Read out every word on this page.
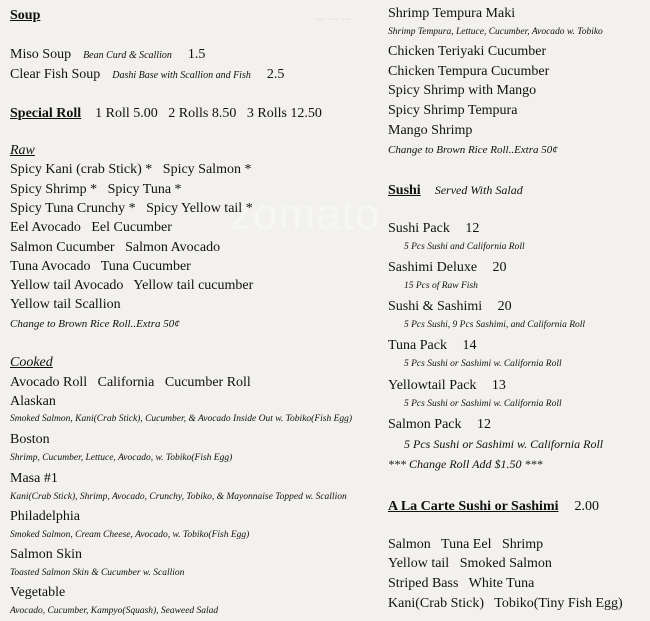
... ... ...
zomato
Soup
Miso Soup Bean Curd & Scallion 1.5
Clear Fish Soup Dashi Base with Scallion and Fish 2.5
Special Roll 1 Roll 5.00   2 Rolls 8.50   3 Rolls 12.50
Raw
Spicy Kani (crab Stick) *   Spicy Salmon *
Spicy Shrimp *   Spicy Tuna *
Spicy Tuna Crunchy *   Spicy Yellow tail *
Eel Avocado   Eel Cucumber
Salmon Cucumber   Salmon Avocado
Tuna Avocado   Tuna Cucumber
Yellow tail Avocado   Yellow tail cucumber
Yellow tail Scallion
Change to Brown Rice Roll..Extra 50¢
Cooked
Avocado Roll   California   Cucumber Roll
Alaskan
Smoked Salmon, Kani(Crab Stick), Cucumber, & Avocado Inside Out w. Tobiko(Fish Egg)
Boston
Shrimp, Cucumber, Lettuce, Avocado, w. Tobiko(Fish Egg)
Masa #1
Kani(Crab Stick), Shrimp, Avocado, Crunchy, Tobiko, & Mayonnaise Topped w. Scallion
Philadelphia
Smoked Salmon, Cream Cheese, Avocado, w. Tobiko(Fish Egg)
Salmon Skin
Toasted Salmon Skin & Cucumber w. Scallion
Vegetable
Avocado, Cucumber, Kampyo(Squash), Seaweed Salad
Shrimp Tempura Maki
Shrimp Tempura, Lettuce, Cucumber, Avocado w. Tobiko
Chicken Teriyaki Cucumber
Chicken Tempura Cucumber
Spicy Shrimp with Mango
Spicy Shrimp Tempura
Mango Shrimp
Change to Brown Rice Roll..Extra 50¢
Sushi Served With Salad
Sushi Pack 12
5 Pcs Sushi and California Roll
Sashimi Deluxe 20
15 Pcs of Raw Fish
Sushi & Sashimi 20
5 Pcs Sushi, 9 Pcs Sashimi, and California Roll
Tuna Pack 14
5 Pcs Sushi or Sashimi w. California Roll
Yellowtail Pack 13
5 Pcs Sushi or Sashimi w. California Roll
Salmon Pack 12
5 Pcs Sushi or Sashimi w. California Roll
*** Change Roll Add $1.50 ***
A La Carte Sushi or Sashimi 2.00
Salmon   Tuna Eel   Shrimp
Yellow tail   Smoked Salmon
Striped Bass   White Tuna
Kani(Crab Stick)   Tobiko(Tiny Fish Egg)
